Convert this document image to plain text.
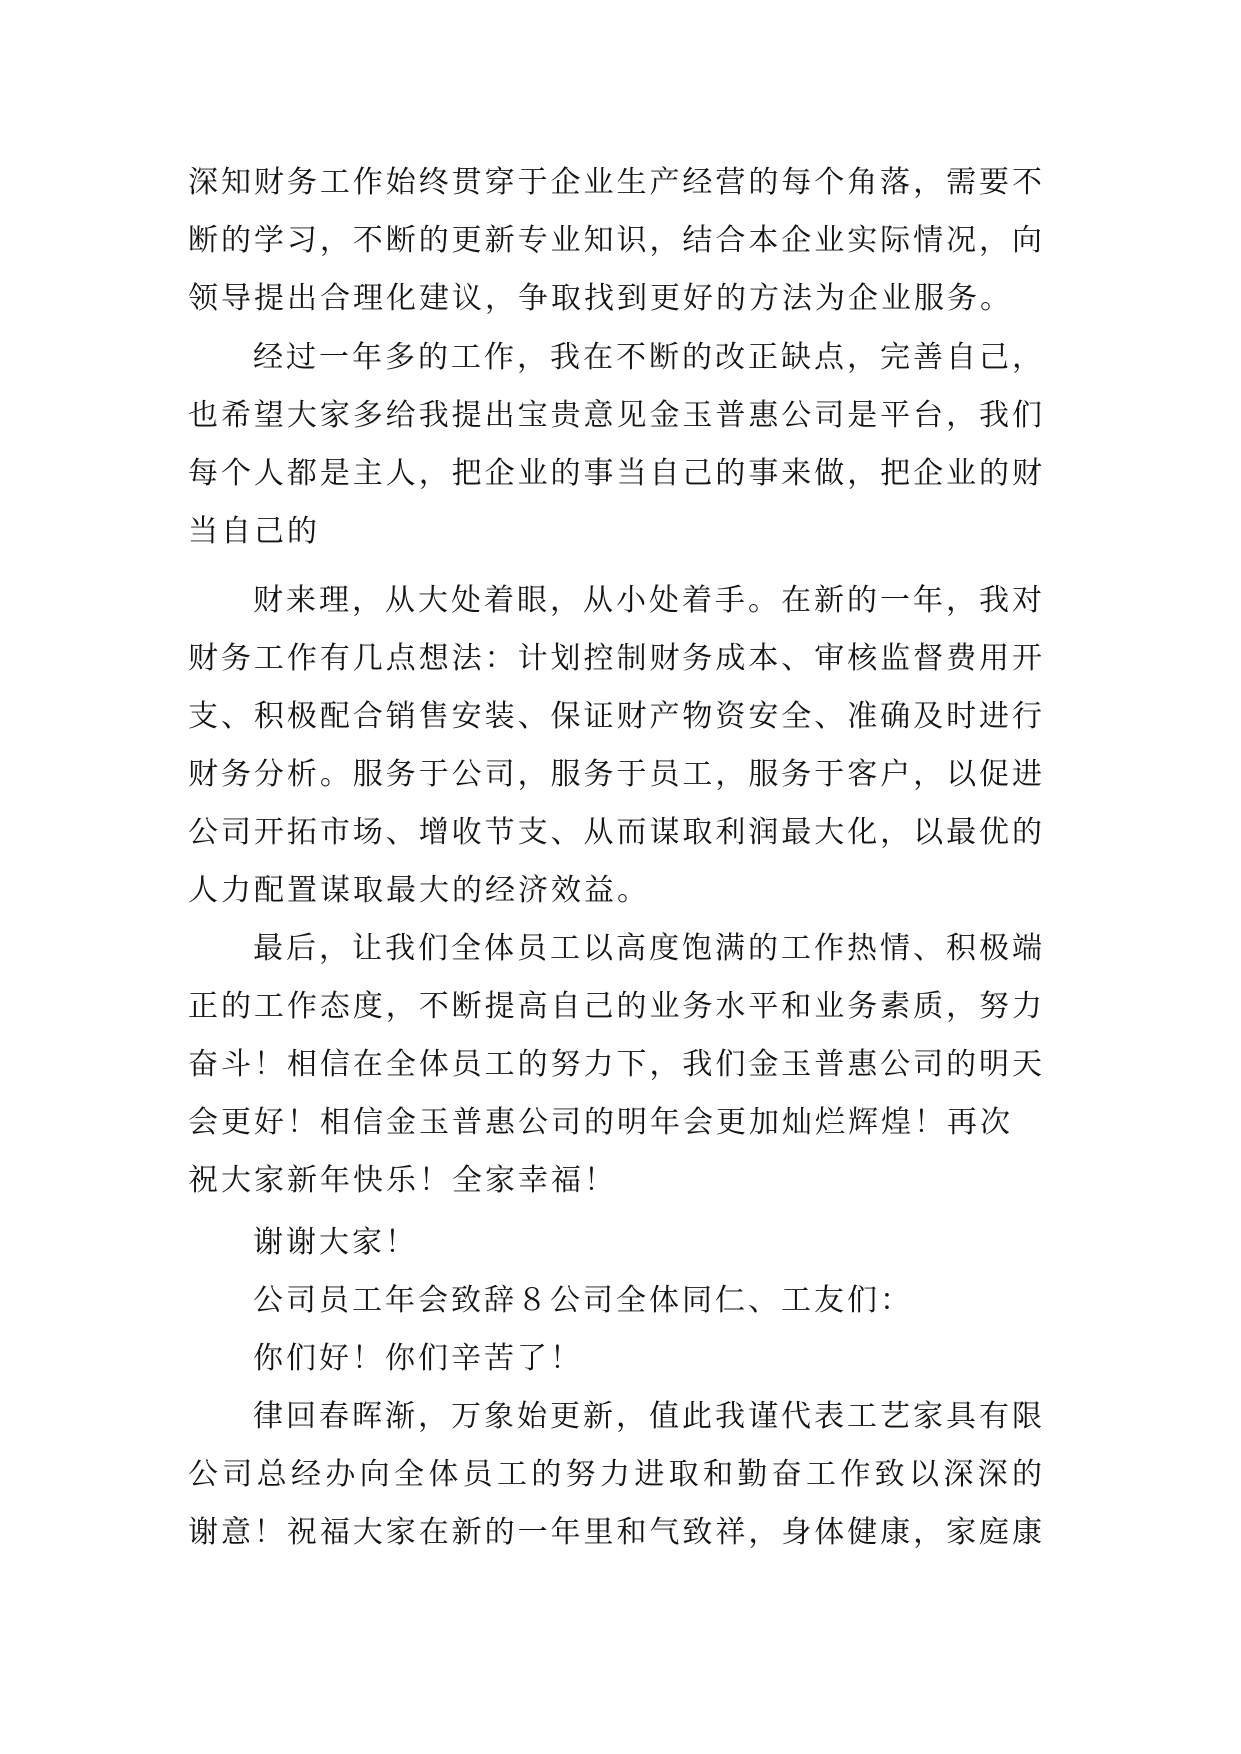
深知财务工作始终贯穿于企业生产经营的每个角落，需要不
断的学习，不断的更新专业知识，结合本企业实际情况，向
领导提出合理化建议，争取找到更好的方法为企业服务。
经过一年多的工作，我在不断的改正缺点，完善自己，
也希望大家多给我提出宝贵意见金玉普惠公司是平台，我们
每个人都是主人，把企业的事当自己的事来做，把企业的财
当自己的
财来理，从大处着眼，从小处着手。在新的一年，我对
财务工作有几点想法：计划控制财务成本、审核监督费用开
支、积极配合销售安装、保证财产物资安全、准确及时进行
财务分析。服务于公司，服务于员工，服务于客户，以促进
公司开拓市场、增收节支、从而谋取利润最大化，以最优的
人力配置谋取最大的经济效益。
最后，让我们全体员工以高度饱满的工作热情、积极端
正的工作态度，不断提高自己的业务水平和业务素质，努力
奋斗！相信在全体员工的努力下，我们金玉普惠公司的明天
会更好！相信金玉普惠公司的明年会更加灿烂辉煌！再次
祝大家新年快乐！全家幸福！
谢谢大家！
公司员工年会致辞８公司全体同仁、工友们：
你们好！你们辛苦了！
律回春晖渐，万象始更新，值此我谨代表工艺家具有限
公司总经办向全体员工的努力进取和勤奋工作致以深深的
谢意！祝福大家在新的一年里和气致祥，身体健康，家庭康
